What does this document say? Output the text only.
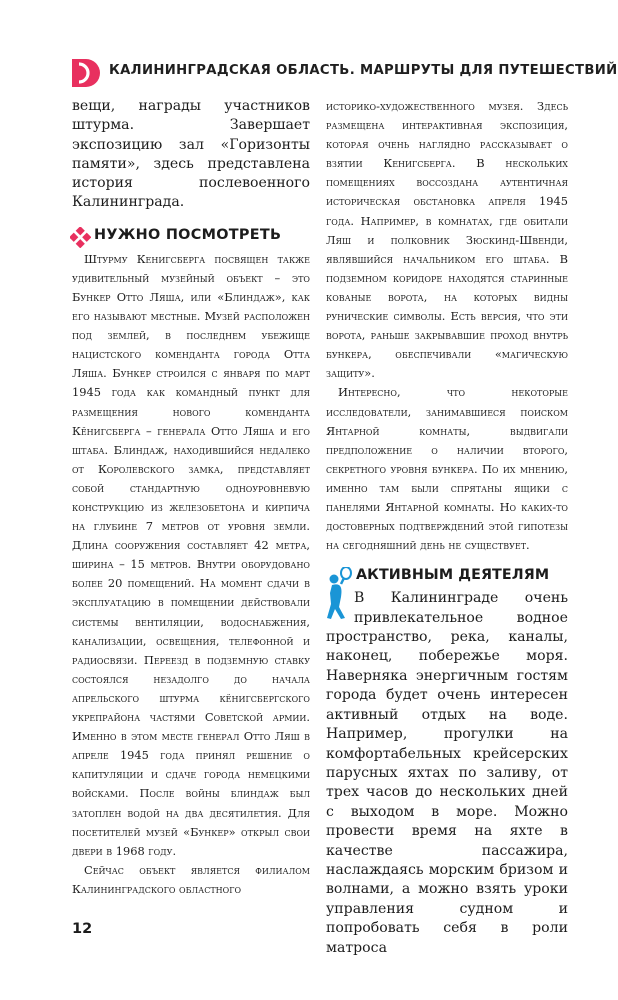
КАЛИНИНГРАДСКАЯ ОБЛАСТЬ. МАРШРУТЫ ДЛЯ ПУТЕШЕСТВИЙ

вещи, награды участников штурма. Завершает экспозицию зал «Горизонты памяти», здесь представлена история послевоенного Калининграда.

НУЖНО ПОСМОТРЕТЬ

Штурму Кенигсберга посвящен также удивительный музейный объект – это Бункер Отто Ляша, или «Блиндаж», как его называют местные. Музей расположен под землей, в последнем убежище нацистского коменданта города Отта Ляша. Бункер строился с января по март 1945 года как командный пункт для размещения нового коменданта Кёнигсберга – генерала Отто Ляша и его штаба. Блиндаж, находившийся недалеко от Королевского замка, представляет собой стандартную одноуровневую конструкцию из железобетона и кирпича на глубине 7 метров от уровня земли. Длина сооружения составляет 42 метра, ширина – 15 метров. Внутри оборудовано более 20 помещений. На момент сдачи в эксплуатацию в помещении действовали системы вентиляции, водоснабжения, канализации, освещения, телефонной и радиосвязи. Переезд в подземную ставку состоялся незадолго до начала апрельского штурма кёнигсбергского укрепрайона частями Советской армии. Именно в этом месте генерал Отто Ляш в апреле 1945 года принял решение о капитуляции и сдаче города немецкими войсками. После войны блиндаж был затоплен водой на два десятилетия. Для посетителей музей «Бункер» открыл свои двери в 1968 году.

Сейчас объект является филиалом Калининградского областного

историко-художественного музея. Здесь размещена интерактивная экспозиция, которая очень наглядно рассказывает о взятии Кенигсберга. В нескольких помещениях воссоздана аутентичная историческая обстановка апреля 1945 года. Например, в комнатах, где обитали Ляш и полковник Зюскинд-Швенди, являвшийся начальником его штаба. В подземном коридоре находятся старинные кованые ворота, на которых видны рунические символы. Есть версия, что эти ворота, раньше закрывавшие проход внутрь бункера, обеспечивали «магическую защиту».

Интересно, что некоторые исследователи, занимавшиеся поиском Янтарной комнаты, выдвигали предположение о наличии второго, секретного уровня бункера. По их мнению, именно там были спрятаны ящики с панелями Янтарной комнаты. Но каких-то достоверных подтверждений этой гипотезы на сегодняшний день не существует.

АКТИВНЫМ ДЕЯТЕЛЯМ

В Калининграде очень привлекательное водное пространство, река, каналы, наконец, побережье моря. Наверняка энергичным гостям города будет очень интересен активный отдых на воде. Например, прогулки на комфортабельных крейсерских парусных яхтах по заливу, от трех часов до нескольких дней с выходом в море. Можно провести время на яхте в качестве пассажира, наслаждаясь морским бризом и волнами, а можно взять уроки управления судном и попробовать себя в роли матроса

12
